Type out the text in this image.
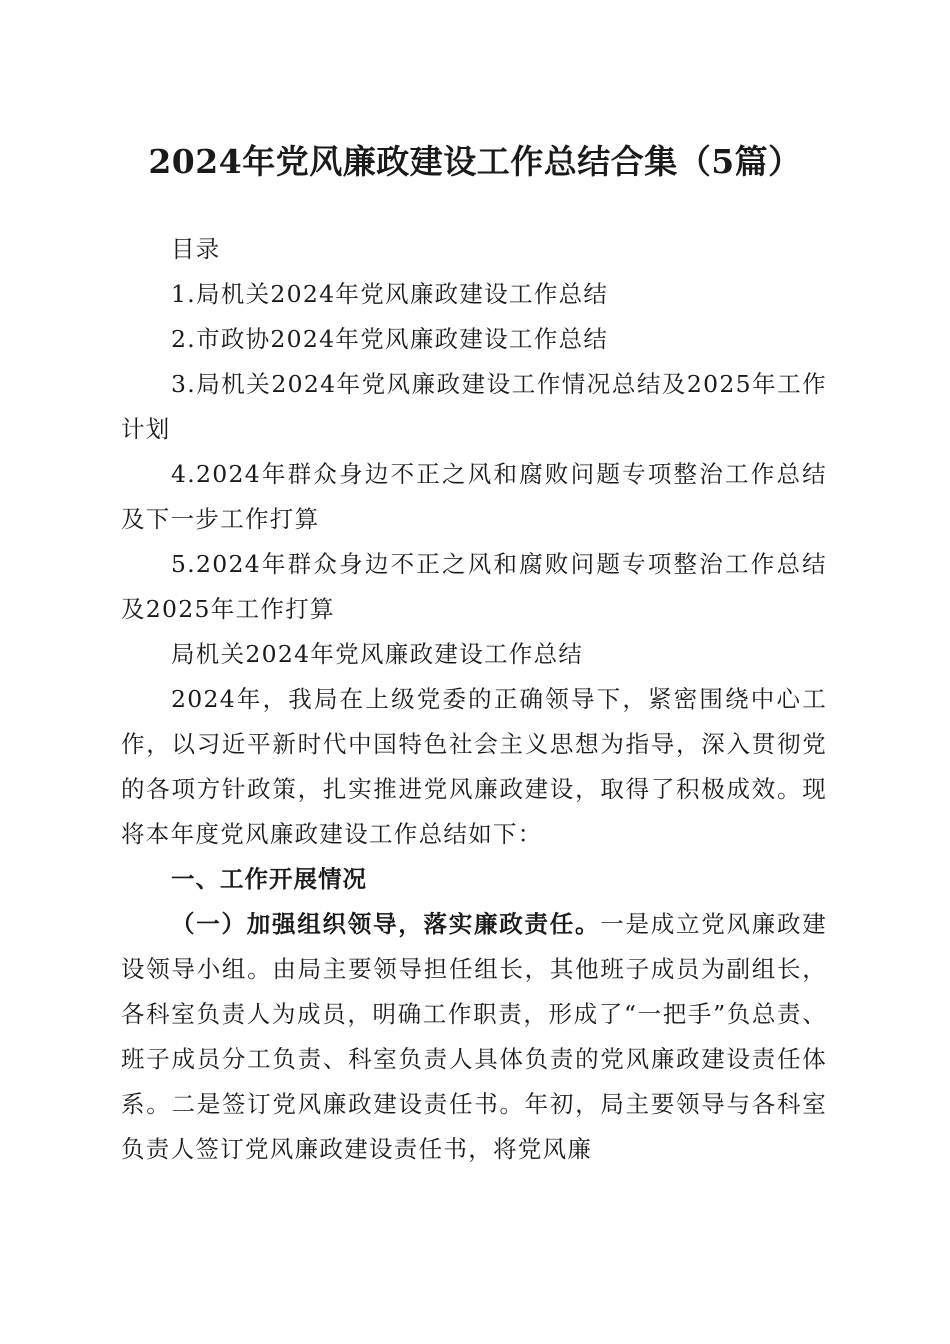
2024年党风廉政建设工作总结合集（5篇）

目录

1.局机关2024年党风廉政建设工作总结

2.市政协2024年党风廉政建设工作总结

3.局机关2024年党风廉政建设工作情况总结及2025年工作计划

4.2024年群众身边不正之风和腐败问题专项整治工作总结及下一步工作打算

5.2024年群众身边不正之风和腐败问题专项整治工作总结及2025年工作打算

局机关2024年党风廉政建设工作总结

2024年，我局在上级党委的正确领导下，紧密围绕中心工作，以习近平新时代中国特色社会主义思想为指导，深入贯彻党的各项方针政策，扎实推进党风廉政建设，取得了积极成效。现将本年度党风廉政建设工作总结如下：

一、工作开展情况

（一）加强组织领导，落实廉政责任。一是成立党风廉政建设领导小组。由局主要领导担任组长，其他班子成员为副组长，各科室负责人为成员，明确工作职责，形成了“一把手”负总责、班子成员分工负责、科室负责人具体负责的党风廉政建设责任体系。二是签订党风廉政建设责任书。年初，局主要领导与各科室负责人签订党风廉政建设责任书，将党风廉
